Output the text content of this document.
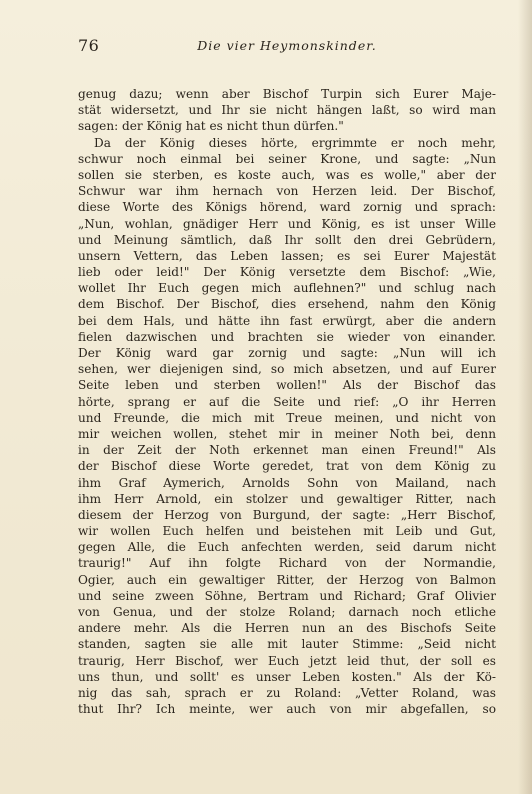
76	Die vier Heymonskinder.
genug dazu; wenn aber Bischof Turpin sich Eurer Maje-
stät widersetzt, und Ihr sie nicht hängen laßt, so wird man
sagen: der König hat es nicht thun dürfen."
Da der König dieses hörte, ergrimmte er noch mehr,
schwur noch einmal bei seiner Krone, und sagte: „Nun
sollen sie sterben, es koste auch, was es wolle," aber der
Schwur war ihm hernach von Herzen leid. Der Bischof,
diese Worte des Königs hörend, ward zornig und sprach:
„Nun, wohlan, gnädiger Herr und König, es ist unser Wille
und Meinung sämtlich, daß Ihr sollt den drei Gebrüdern,
unsern Vettern, das Leben lassen; es sei Eurer Majestät
lieb oder leid!" Der König versetzte dem Bischof: „Wie,
wollet Ihr Euch gegen mich auflehnen?" und schlug nach
dem Bischof. Der Bischof, dies ersehend, nahm den König
bei dem Hals, und hätte ihn fast erwürgt, aber die andern
fielen dazwischen und brachten sie wieder von einander.
Der König ward gar zornig und sagte: „Nun will ich
sehen, wer diejenigen sind, so mich absetzen, und auf Eurer
Seite leben und sterben wollen!" Als der Bischof das
hörte, sprang er auf die Seite und rief: „O ihr Herren
und Freunde, die mich mit Treue meinen, und nicht von
mir weichen wollen, stehet mir in meiner Noth bei, denn
in der Zeit der Noth erkennet man einen Freund!" Als
der Bischof diese Worte geredet, trat von dem König zu
ihm Graf Aymerich, Arnolds Sohn von Mailand, nach
ihm Herr Arnold, ein stolzer und gewaltiger Ritter, nach
diesem der Herzog von Burgund, der sagte: „Herr Bischof,
wir wollen Euch helfen und beistehen mit Leib und Gut,
gegen Alle, die Euch anfechten werden, seid darum nicht
traurig!" Auf ihn folgte Richard von der Normandie,
Ogier, auch ein gewaltiger Ritter, der Herzog von Balmon
und seine zween Söhne, Bertram und Richard; Graf Olivier
von Genua, und der stolze Roland; darnach noch etliche
andere mehr. Als die Herren nun an des Bischofs Seite
standen, sagten sie alle mit lauter Stimme: „Seid nicht
traurig, Herr Bischof, wer Euch jetzt leid thut, der soll es
uns thun, und sollt' es unser Leben kosten." Als der Kö-
nig das sah, sprach er zu Roland: „Vetter Roland, was
thut Ihr? Ich meinte, wer auch von mir abgefallen, so
